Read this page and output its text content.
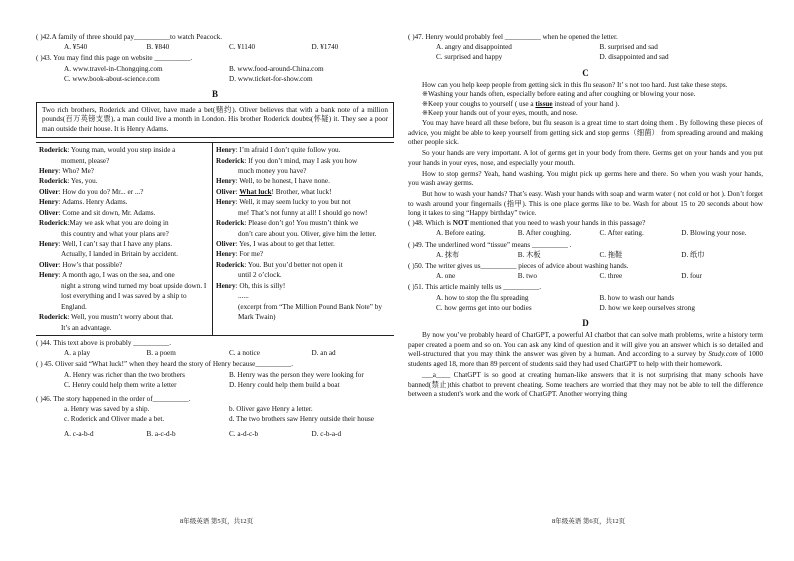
( )42.A family of three should pay__________to watch Peacock.

A. ¥540	B. ¥840	C. ¥1140	D. ¥1740

( )43. You may find this page on website __________.

A. www.travel-in-Chongqing.com	B. www.food-around-China.com
C. www.book-about-science.com	D. www.ticket-for-show.com
B
Two rich brothers, Roderick and Oliver, have made a bet(赌约). Oliver believes that with a bank note of a million pounds(百万英镑支票), a man could live a month in London. His brother Roderick doubts(怀疑) it. They see a poor man outside their house. It is Henry Adams.

Roderick: Young man, would you step inside a

moment, please?

Henry: Who? Me?

Roderick: Yes, you.

Oliver: How do you do? Mr... er ...?

Henry: Adams. Henry Adams.

Oliver: Come and sit down, Mr. Adams.

Roderick:May we ask what you are doing in

this country and what your plans are?

Henry: Well, I can’t say that I have any plans.

Actually, I landed in Britain by accident.

Oliver: How’s that possible?

Henry: A month ago, I was on the sea, and one

night a strong wind turned my boat upside down. I lost everything and I was saved by a ship to England.

Roderick: Well, you mustn’t worry about that.

It’s an advantage.

Henry: I’m afraid I don’t quite follow you.

Roderick: If you don’t mind, may I ask you how

much money you have?

Henry: Well, to be honest, I have none.

Oliver: What luck! Brother, what luck!

Henry: Well, it may seem lucky to you but not

me! That’s not funny at all! I should go now!

Roderick: Please don’t go! You mustn’t think we

don’t care about you. Oliver, give him the letter.

Oliver: Yes, I was about to get that letter.

Henry: For me?

Roderick: You. But you’d better not open it

until 2 o’clock.

Henry: Oh, this is silly!

......

(excerpt from “The Million Pound Bank Note” by Mark Twain)

( )44. This text above is probably __________.

A. a play	B. a poem	C. a notice	D. an ad

( ) 45. Oliver said “What luck!” when they heard the story of Henry because__________.

A. Henry was richer than the two brothers	B. Henry was the person they were looking for
C. Henry could help them write a letter	D. Henry could help them build a boat

( )46. The story happened in the order of__________.

a. Henry was saved by a ship.	b. Oliver gave Henry a letter.
c. Roderick and Oliver made a bet.	d. The two brothers saw Henry outside their house
A. c-a-b-d	B. a-c-d-b	C. a-d-c-b	D. c-b-a-d

( )47. Henry would probably feel __________ when he opened the letter.

A. angry and disappointed	B. surprised and sad
C. surprised and happy	D. disappointed and sad
C

How can you help keep people from getting sick in this flu season? It’ s not too hard. Just take these steps.

※Washing your hands often, especially before eating and after coughing or blowing your nose.

※Keep your coughs to yourself ( use a tissue instead of your hand ).

※Keep your hands out of your eyes, mouth, and nose.

You may have heard all these before, but flu season is a great time to start doing them . By following these pieces of advice, you might be able to keep yourself from getting sick and stop germs（细菌） from spreading around and making other people sick.

So your hands are very important. A lot of germs get in your body from there. Germs get on your hands and you put your hands in your eyes, nose, and especially your mouth.

How to stop germs? Yeah, hand washing. You might pick up germs here and there. So when you wash your hands, you wash away germs.

But how to wash your hands? That’s easy. Wash your hands with soap and warm water ( not cold or hot ). Don’t forget to wash around your fingernails (指甲). This is one place germs like to be. Wash for about 15 to 20 seconds about how long it takes to sing “Happy birthday” twice.

( )48. Which is NOT mentioned that you need to wash your hands in this passage?

A. Before eating.	B. After coughing.	C. After eating.	D. Blowing your nose.

( )49. The underlined word “tissue” means __________ .

A. 抹布	B. 木板	C. 拖鞋	D. 纸巾

( )50. The writer gives us__________ pieces of advice about washing hands.

A. one	B. two	C. three	D. four

( )51. This article mainly tells us __________.

A. how to stop the flu spreading	B. how to wash our hands
C. how germs get into our bodies	D. how we keep ourselves strong
D

By now you’ve probably heard of ChatGPT, a powerful AI chatbot that can solve math problems, write a history term paper created a poem and so on. You can ask any kind of question and it will give you an answer which is so detailed and well-structured that you may think the answer was given by a human. And according to a survey by Study.com of 1000 students aged 18, more than 89 percent of students said they had used ChatGPT to help with their homework.

___a____ ChatGPT is so good at creating human-like answers that it is not surprising that many schools have banned(禁止)this chatbot to prevent cheating. Some teachers are worried that they may not be able to tell the difference between a student's work and the work of ChatGPT. Another worrying thing

8年级英语 第5页，共12页	8年级英语 第6页，共12页
